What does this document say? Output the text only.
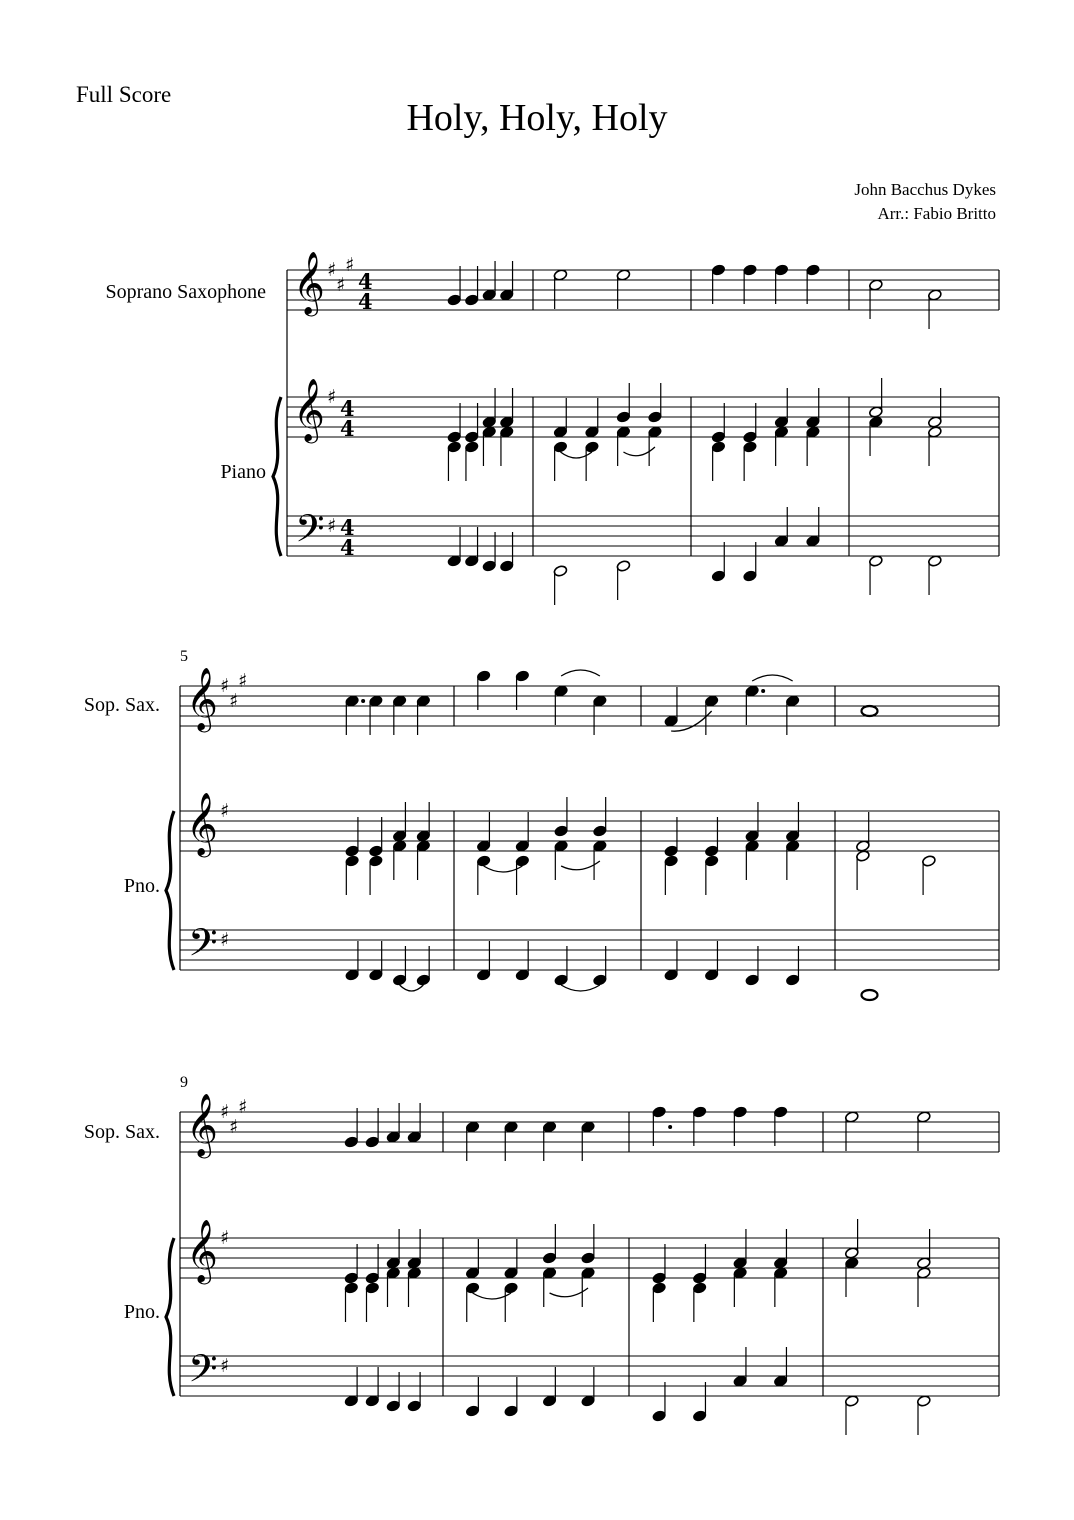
Full Score
Holy, Holy, Holy
John Bacchus Dykes
Arr.: Fabio Britto
Soprano Saxophone
Piano
Sop. Sax.
Pno.
Sop. Sax.
Pno.
5
9
𝄞
𝄞
𝄢
♯
♯
♯
♯
♯
4
4
4
4
4
4
𝄞
𝄞
𝄢
♯
♯
♯
♯
♯
𝄞
𝄞
𝄢
♯
♯
♯
♯
♯
